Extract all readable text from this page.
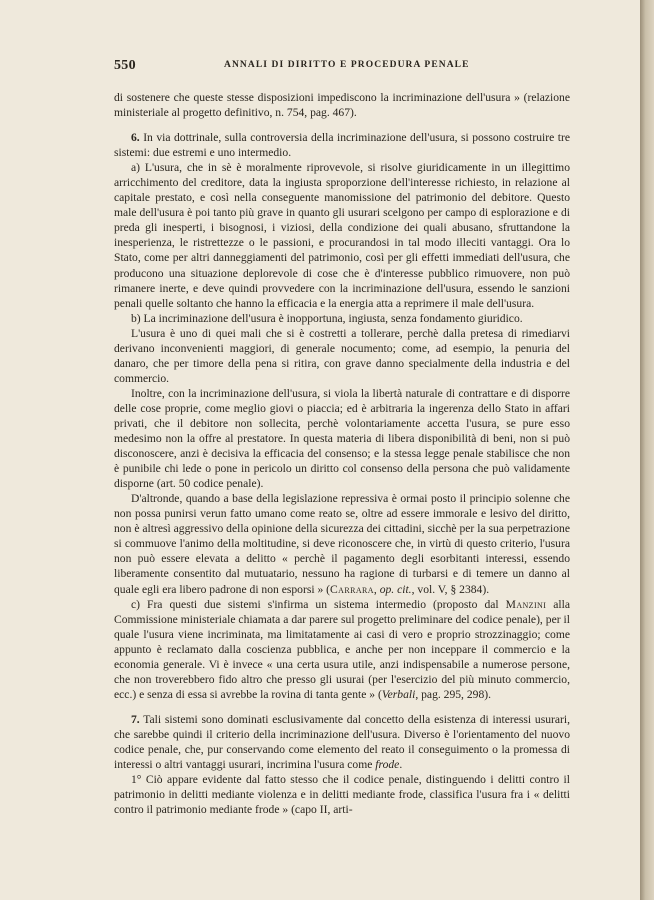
550	ANNALI DI DIRITTO E PROCEDURA PENALE

di sostenere che queste stesse disposizioni impediscono la incriminazione dell'usura » (relazione ministeriale al progetto definitivo, n. 754, pag. 467).

6. In via dottrinale, sulla controversia della incriminazione dell'usura, si possono costruire tre sistemi: due estremi e uno intermedio.

a) L'usura, che in sè è moralmente riprovevole, si risolve giuridicamente in un illegittimo arricchimento del creditore, data la ingiusta sproporzione dell'interesse richiesto, in relazione al capitale prestato, e così nella conseguente manomissione del patrimonio del debitore. Questo male dell'usura è poi tanto più grave in quanto gli usurari scelgono per campo di esplorazione e di preda gli inesperti, i bisognosi, i viziosi, della condizione dei quali abusano, sfruttandone la inesperienza, le ristrettezze o le passioni, e procurandosi in tal modo illeciti vantaggi. Ora lo Stato, come per altri danneggiamenti del patrimonio, così per gli effetti immediati dell'usura, che producono una situazione deplorevole di cose che è d'interesse pubblico rimuovere, non può rimanere inerte, e deve quindi provvedere con la incriminazione dell'usura, essendo le sanzioni penali quelle soltanto che hanno la efficacia e la energia atta a reprimere il male dell'usura.

b) La incriminazione dell'usura è inopportuna, ingiusta, senza fondamento giuridico.

L'usura è uno di quei mali che si è costretti a tollerare, perchè dalla pretesa di rimediarvi derivano inconvenienti maggiori, di generale nocumento; come, ad esempio, la penuria del danaro, che per timore della pena si ritira, con grave danno specialmente della industria e del commercio.

Inoltre, con la incriminazione dell'usura, si viola la libertà naturale di contrattare e di disporre delle cose proprie, come meglio giovi o piaccia; ed è arbitraria la ingerenza dello Stato in affari privati, che il debitore non sollecita, perchè volontariamente accetta l'usura, se pure esso medesimo non la offre al prestatore. In questa materia di libera disponibilità di beni, non si può disconoscere, anzi è decisiva la efficacia del consenso; e la stessa legge penale stabilisce che non è punibile chi lede o pone in pericolo un diritto col consenso della persona che può validamente disporne (art. 50 codice penale).

D'altronde, quando a base della legislazione repressiva è ormai posto il principio solenne che non possa punirsi verun fatto umano come reato se, oltre ad essere immorale e lesivo del diritto, non è altresì aggressivo della opinione della sicurezza dei cittadini, sicchè per la sua perpetrazione si commuove l'animo della moltitudine, si deve riconoscere che, in virtù di questo criterio, l'usura non può essere elevata a delitto « perchè il pagamento degli esorbitanti interessi, essendo liberamente consentito dal mutuatario, nessuno ha ragione di turbarsi e di temere un danno al quale egli era libero padrone di non esporsi » (Carrara, op. cit., vol. V, § 2384).

c) Fra questi due sistemi s'infirma un sistema intermedio (proposto dal Manzini alla Commissione ministeriale chiamata a dar parere sul progetto preliminare del codice penale), per il quale l'usura viene incriminata, ma limitatamente ai casi di vero e proprio strozzinaggio; come appunto è reclamato dalla coscienza pubblica, e anche per non inceppare il commercio e la economia generale. Vi è invece « una certa usura utile, anzi indispensabile a numerose persone, che non troverebbero fido altro che presso gli usurai (per l'esercizio del più minuto commercio, ecc.) e senza di essa si avrebbe la rovina di tanta gente » (Verbali, pag. 295, 298).

7. Tali sistemi sono dominati esclusivamente dal concetto della esistenza di interessi usurari, che sarebbe quindi il criterio della incriminazione dell'usura. Diverso è l'orientamento del nuovo codice penale, che, pur conservando come elemento del reato il conseguimento o la promessa di interessi o altri vantaggi usurari, incrimina l'usura come frode.

1° Ciò appare evidente dal fatto stesso che il codice penale, distinguendo i delitti contro il patrimonio in delitti mediante violenza e in delitti mediante frode, classifica l'usura fra i « delitti contro il patrimonio mediante frode » (capo II, arti-
